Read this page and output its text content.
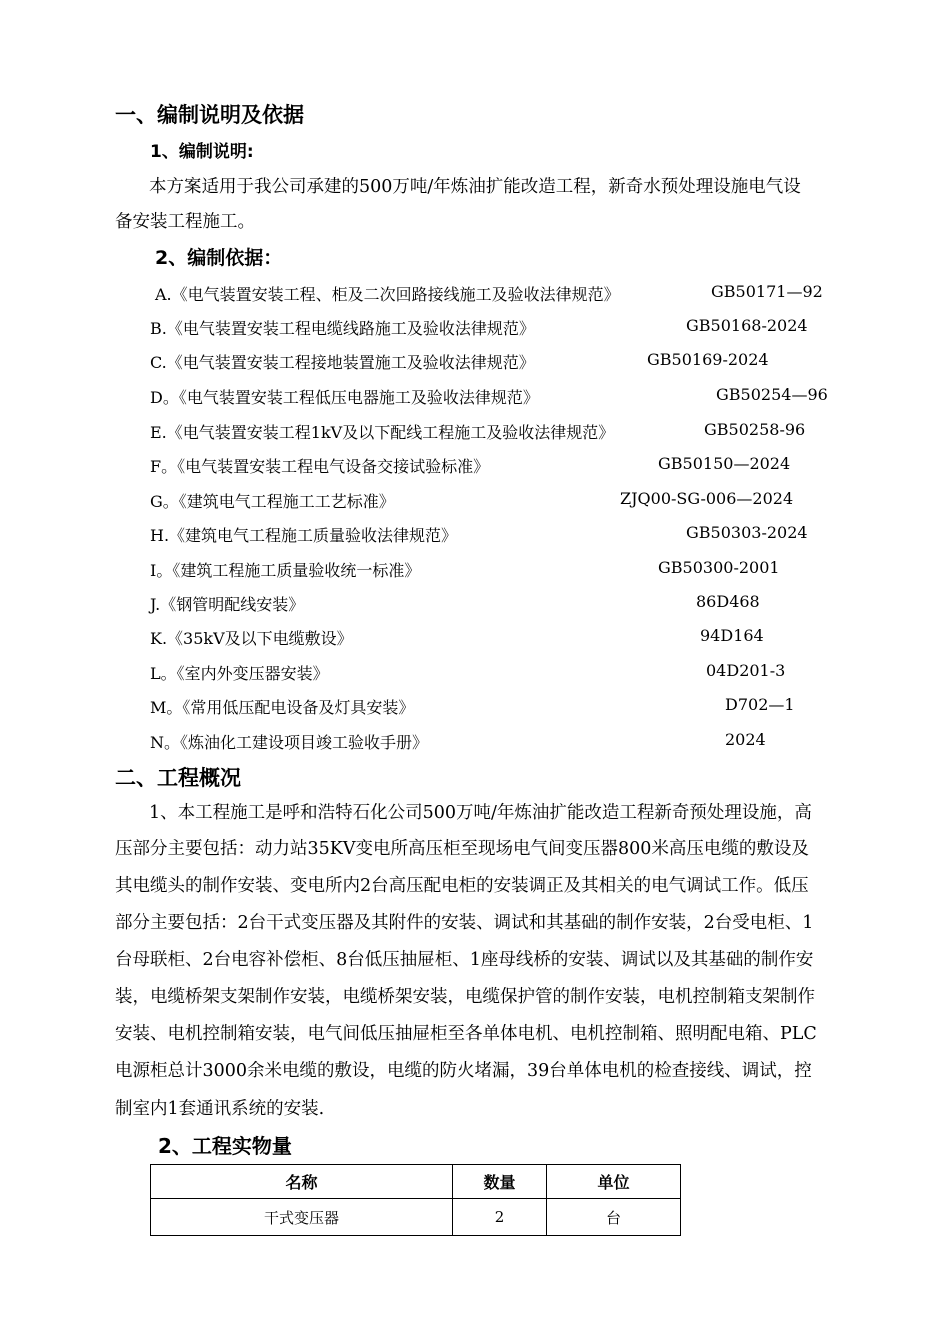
一、编制说明及依据
1、编制说明:
本方案适用于我公司承建的500万吨/年炼油扩能改造工程，新奇水预处理设施电气设
备安装工程施工。
2、编制依据：
A.《电气装置安装工程、柜及二次回路接线施工及验收法律规范》	GB50171—92
B.《电气装置安装工程电缆线路施工及验收法律规范》	GB50168-2024
C.《电气装置安装工程接地装置施工及验收法律规范》	GB50169-2024
D。《电气装置安装工程低压电器施工及验收法律规范》	GB50254—96
E.《电气装置安装工程1kV及以下配线工程施工及验收法律规范》	GB50258-96
F。《电气装置安装工程电气设备交接试验标准》	GB50150—2024
G。《建筑电气工程施工工艺标准》	ZJQ00-SG-006—2024
H.《建筑电气工程施工质量验收法律规范》	GB50303-2024
I。《建筑工程施工质量验收统一标准》	GB50300-2001
J.《钢管明配线安装》	86D468
K.《35kV及以下电缆敷设》	94D164
L。《室内外变压器安装》	04D201-3
M。《常用低压配电设备及灯具安装》	D702—1
N。《炼油化工建设项目竣工验收手册》	2024
二、工程概况
1、本工程施工是呼和浩特石化公司500万吨/年炼油扩能改造工程新奇预处理设施，高
压部分主要包括：动力站35KV变电所高压柜至现场电气间变压器800米高压电缆的敷设及
其电缆头的制作安装、变电所内2台高压配电柜的安装调正及其相关的电气调试工作。低压
部分主要包括：2台干式变压器及其附件的安装、调试和其基础的制作安装，2台受电柜、1
台母联柜、2台电容补偿柜、8台低压抽屉柜、1座母线桥的安装、调试以及其基础的制作安
装，电缆桥架支架制作安装，电缆桥架安装，电缆保护管的制作安装，电机控制箱支架制作
安装、电机控制箱安装，电气间低压抽屉柜至各单体电机、电机控制箱、照明配电箱、PLC
电源柜总计3000余米电缆的敷设，电缆的防火堵漏，39台单体电机的检查接线、调试，控
制室内1套通讯系统的安装.
2、工程实物量
名称	数量	单位
干式变压器	2	台
